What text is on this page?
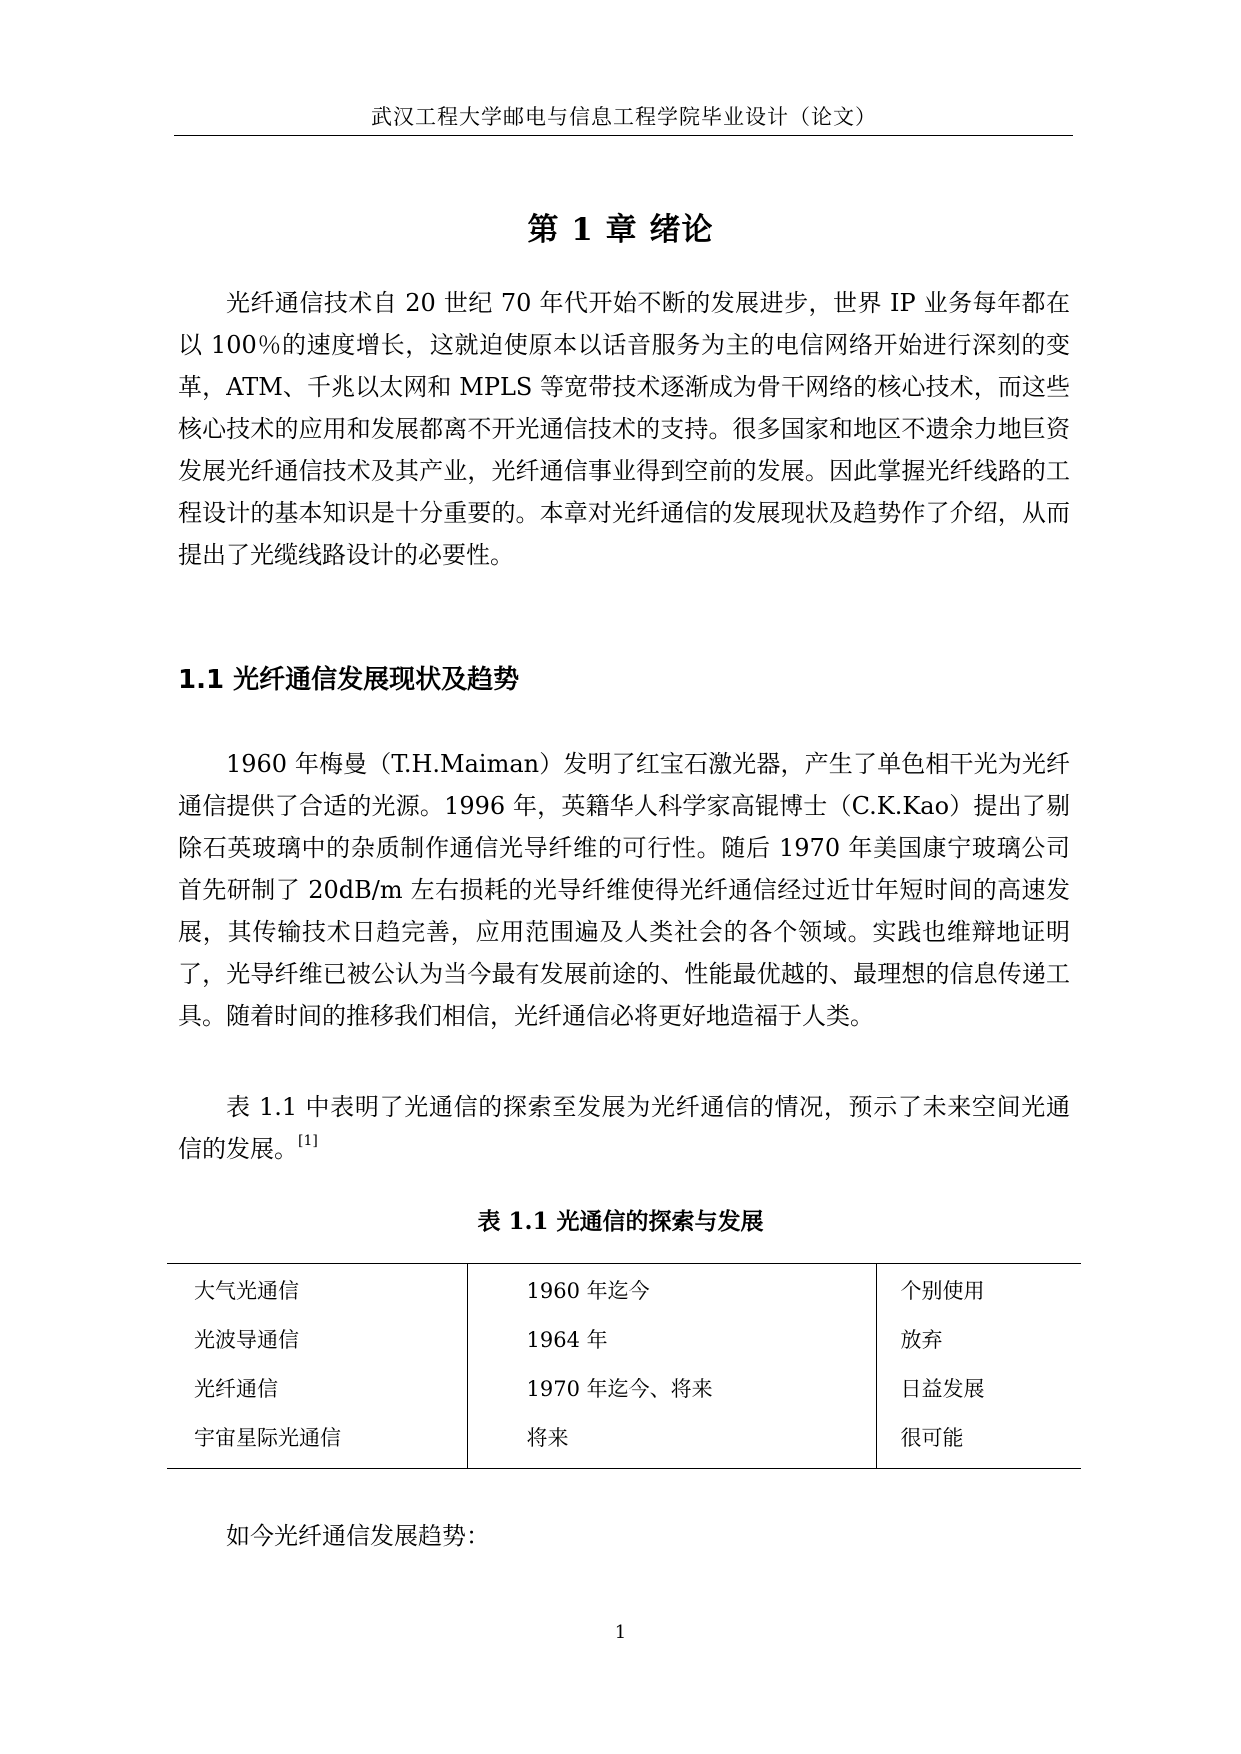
武汉工程大学邮电与信息工程学院毕业设计（论文）
第 1 章 绪论

光纤通信技术自 20 世纪 70 年代开始不断的发展进步，世界 IP 业务每年都在以 100％的速度增长，这就迫使原本以话音服务为主的电信网络开始进行深刻的变革，ATM、千兆以太网和 MPLS 等宽带技术逐渐成为骨干网络的核心技术，而这些核心技术的应用和发展都离不开光通信技术的支持。很多国家和地区不遗余力地巨资发展光纤通信技术及其产业，光纤通信事业得到空前的发展。因此掌握光纤线路的工程设计的基本知识是十分重要的。本章对光纤通信的发展现状及趋势作了介绍，从而提出了光缆线路设计的必要性。

1.1 光纤通信发展现状及趋势

1960 年梅曼（T.H.Maiman）发明了红宝石激光器，产生了单色相干光为光纤通信提供了合适的光源。1996 年，英籍华人科学家高锟博士（C.K.Kao）提出了剔除石英玻璃中的杂质制作通信光导纤维的可行性。随后 1970 年美国康宁玻璃公司首先研制了 20dB/m 左右损耗的光导纤维使得光纤通信经过近廿年短时间的高速发展，其传输技术日趋完善，应用范围遍及人类社会的各个领域。实践也维辩地证明了，光导纤维已被公认为当今最有发展前途的、性能最优越的、最理想的信息传递工具。随着时间的推移我们相信，光纤通信必将更好地造福于人类。

表 1.1 中表明了光通信的探索至发展为光纤通信的情况，预示了未来空间光通信的发展。[1]

表 1.1 光通信的探索与发展
大气光通信	1960 年迄今	个别使用
光波导通信	1964 年	放弃
光纤通信	1970 年迄今、将来	日益发展
宇宙星际光通信	将来	很可能

如今光纤通信发展趋势：

1
